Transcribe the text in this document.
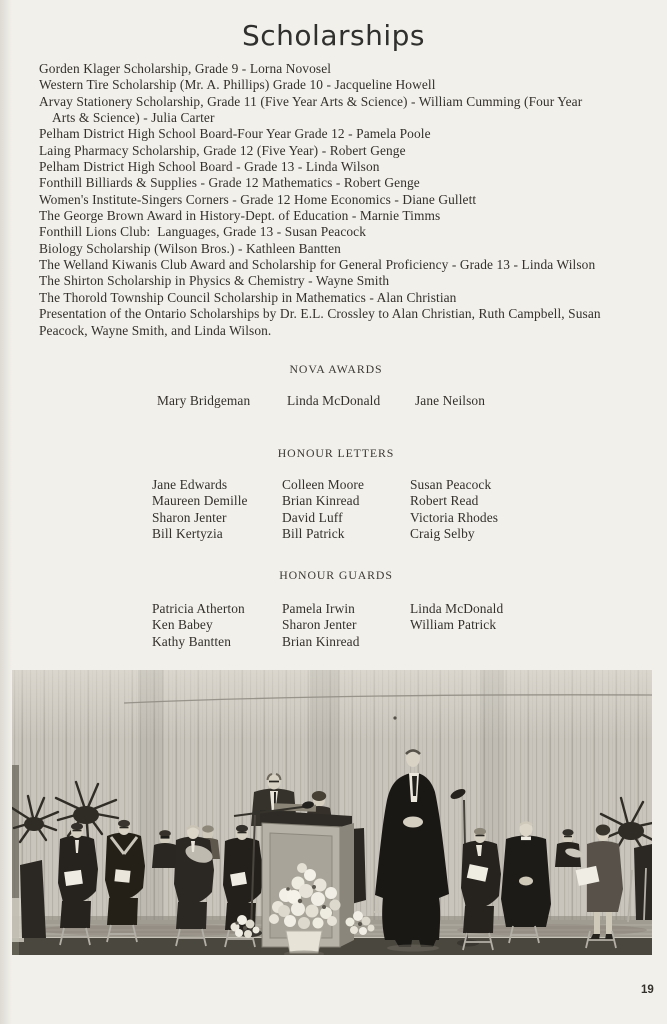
Scholarships
Gorden Klager Scholarship, Grade 9 - Lorna Novosel
Western Tire Scholarship (Mr. A. Phillips) Grade 10 - Jacqueline Howell
Arvay Stationery Scholarship, Grade 11 (Five Year Arts & Science) - William Cumming (Four Year
Arts & Science) - Julia Carter
Pelham District High School Board-Four Year Grade 12 - Pamela Poole
Laing Pharmacy Scholarship, Grade 12 (Five Year) - Robert Genge
Pelham District High School Board - Grade 13 - Linda Wilson
Fonthill Billiards & Supplies - Grade 12 Mathematics - Robert Genge
Women's Institute-Singers Corners - Grade 12 Home Economics - Diane Gullett
The George Brown Award in History-Dept. of Education - Marnie Timms
Fonthill Lions Club:  Languages, Grade 13 - Susan Peacock
Biology Scholarship (Wilson Bros.) - Kathleen Bantten
The Welland Kiwanis Club Award and Scholarship for General Proficiency - Grade 13 - Linda Wilson
The Shirton Scholarship in Physics & Chemistry - Wayne Smith
The Thorold Township Council Scholarship in Mathematics - Alan Christian
Presentation of the Ontario Scholarships by Dr. E.L. Crossley to Alan Christian, Ruth Campbell, Susan
Peacock, Wayne Smith, and Linda Wilson.
NOVA AWARDS
Mary Bridgeman	Linda McDonald	Jane Neilson
HONOUR LETTERS
Jane Edwards
Maureen Demille
Sharon Jenter
Bill Kertyzia
Colleen Moore
Brian Kinread
David Luff
Bill Patrick
Susan Peacock
Robert Read
Victoria Rhodes
Craig Selby
HONOUR GUARDS
Patricia Atherton
Ken Babey
Kathy Bantten
Pamela Irwin
Sharon Jenter
Brian Kinread
Linda McDonald
William Patrick
19
